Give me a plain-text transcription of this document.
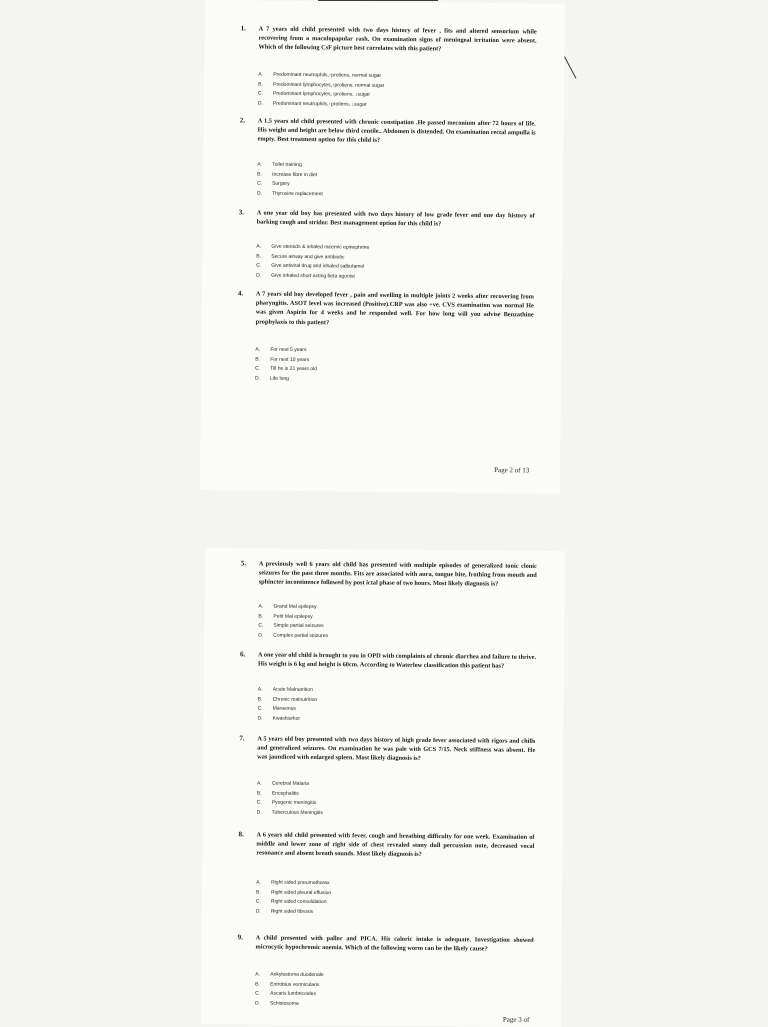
1. A 7 years old child presented with two days history of fever , fits and altered sensorium while recovering from a maculopapular rash. On examination signs of meningeal irritation were absent. Which of the following CsF picture best correlates with this patient?

A. Predominant neutrophils,↑protiens, normal sugar
B. Predominant lymphocytes,↑protiens, normal sugar
C. Predominant lymphocytes,↑protiens, ↓sugar
D. Predominant neutrophils,↑protiens, ↓sugar
2. A 1.5 years old child presented with chronic constipation .He passed meconium after 72 hours of life. His weight and height are below third centile.. Abdomen is distended. On examination rectal ampulla is empty. Best treatment option for this child is?

A. Toilet training
B. Increase fibre in diet
C. Surgery
D. Thyroxine replacement
3. A one year old boy has presented with two days history of low grade fever and one day history of barking cough and stridor. Best management option for this child is?

A. Give steroids & inhaled racemic epinephrine
B. Secure airway and give antibiotic
C. Give antiviral drug and inhaled salbutamol
D. Give inhaled short acting beta agonist
4. A 7 years old boy developed fever , pain and swelling in multiple joints 2 weeks after recovering from pharyngitis. ASOT level was increased (Positive).CRP was also +ve. CVS examination was normal He was given Aspirin for 4 weeks and he responded well. For how long will you advise Benzathine prophylaxis to this patient?

A. For next 5 years
B. For next 10 years
C. Till he is 21 years old
D. Life long
Page 2 of 13
5. A previously well 6 years old child has presented with multiple episodes of generalized tonic clonic seizures for the past three months. Fits are associated with aura, tongue bite, frothing from mouth and sphincter incontinence followed by post ictal phase of two hours. Most likely diagnosis is?

A. Grand Mal epilepsy
B. Petit Mal epilepsy
C. Simple partial seizures
D. Complex partial seizures
6. A one year old child is brought to you in OPD with complaints of chronic diarrhea and failure to thrive. His weight is 6 kg and height is 60cm. According to Waterlow classification this patient has?

A. Acute Malnutrition
B. Chronic malnutrition
C. Marasmus
D. Kwashiorkor
7. A 5 years old boy presented with two days history of high grade fever associated with rigors and chills and generalized seizures. On examination he was pale with GCS 7/15. Neck stiffness was absent. He was jaundiced with enlarged spleen. Most likely diagnosis is?

A. Cerebral Malaria
B. Encephalitis
C. Pyogenic meningitis
D. Tuberculous Meningitis
8. A 6 years old child presented with fever, cough and breathing difficulty for one week. Examination of middle and lower zone of right side of chest revealed stony dull percussion note, decreased vocal resonance and absent breath sounds. Most likely diagnosis is?

A. Right sided pneumothorax
B. Right sided pleural effusion
C. Right sided consolidation
D. Right sided fibrosis
9. A child presented with pallor and PICA. His caloric intake is adequate. Investigation showed microcytic hypochromic anemia. Which of the following worm can be the likely cause?

A. Ankylostoma duodenale
B. Entrobius vermicularis
C. Ascaris lumbricoides
D. Schistosoma
Page 3 of
